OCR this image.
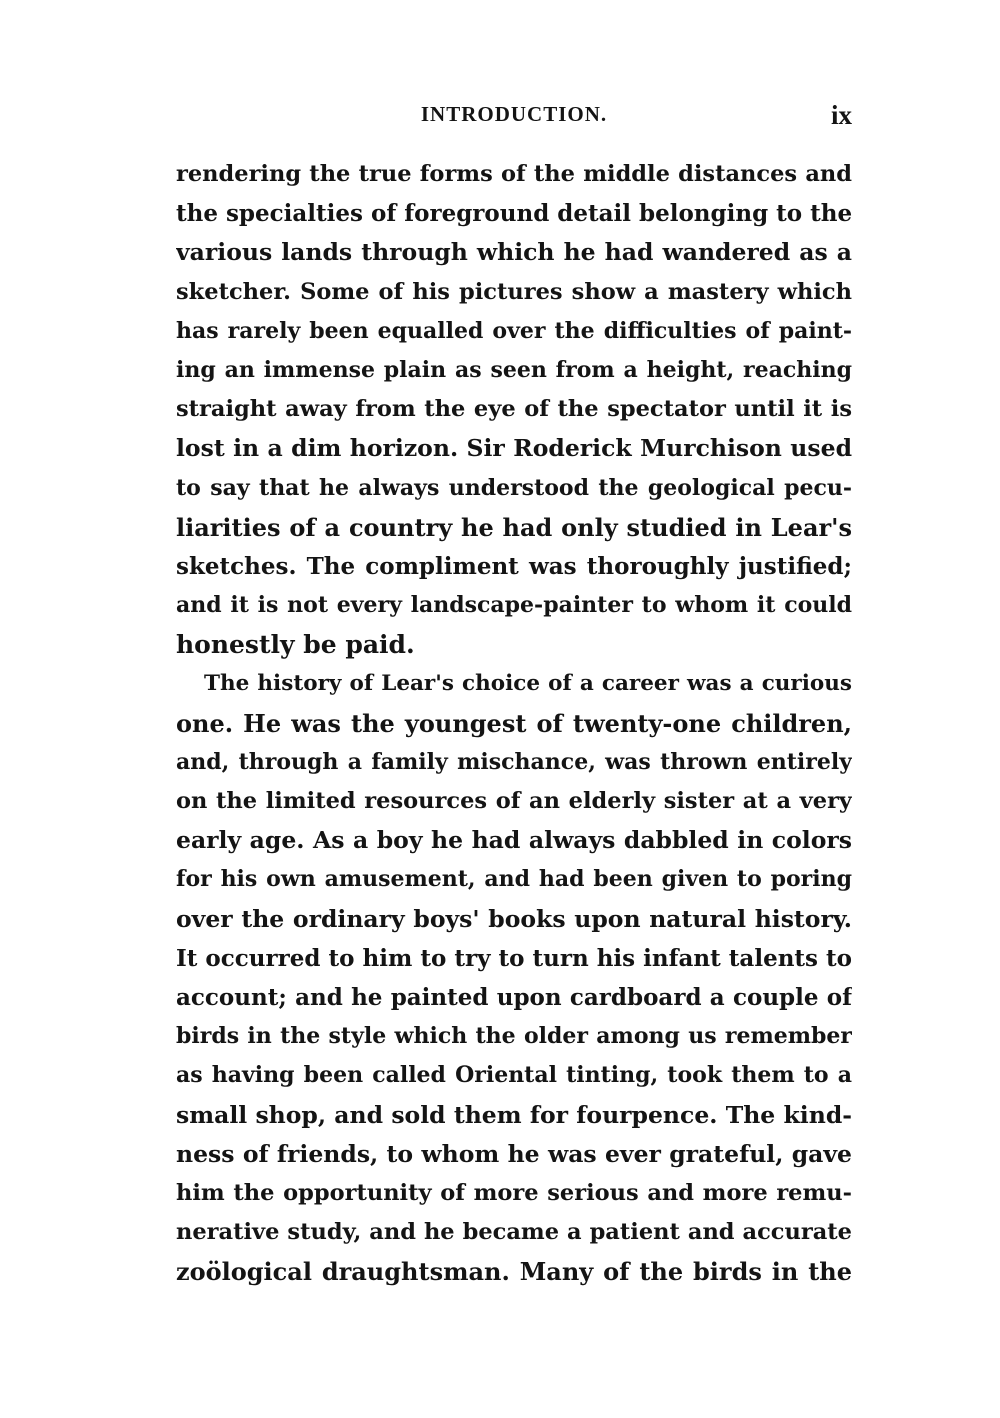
INTRODUCTION.	ix
rendering the true forms of the middle distances and
the specialties of foreground detail belonging to the
various lands through which he had wandered as a
sketcher. Some of his pictures show a mastery which
has rarely been equalled over the difficulties of paint-
ing an immense plain as seen from a height, reaching
straight away from the eye of the spectator until it is
lost in a dim horizon. Sir Roderick Murchison used
to say that he always understood the geological pecu-
liarities of a country he had only studied in Lear's
sketches. The compliment was thoroughly justified;
and it is not every landscape-painter to whom it could
honestly be paid.
The history of Lear's choice of a career was a curious
one. He was the youngest of twenty-one children,
and, through a family mischance, was thrown entirely
on the limited resources of an elderly sister at a very
early age. As a boy he had always dabbled in colors
for his own amusement, and had been given to poring
over the ordinary boys' books upon natural history.
It occurred to him to try to turn his infant talents to
account; and he painted upon cardboard a couple of
birds in the style which the older among us remember
as having been called Oriental tinting, took them to a
small shop, and sold them for fourpence. The kind-
ness of friends, to whom he was ever grateful, gave
him the opportunity of more serious and more remu-
nerative study, and he became a patient and accurate
zoölogical draughtsman. Many of the birds in the
